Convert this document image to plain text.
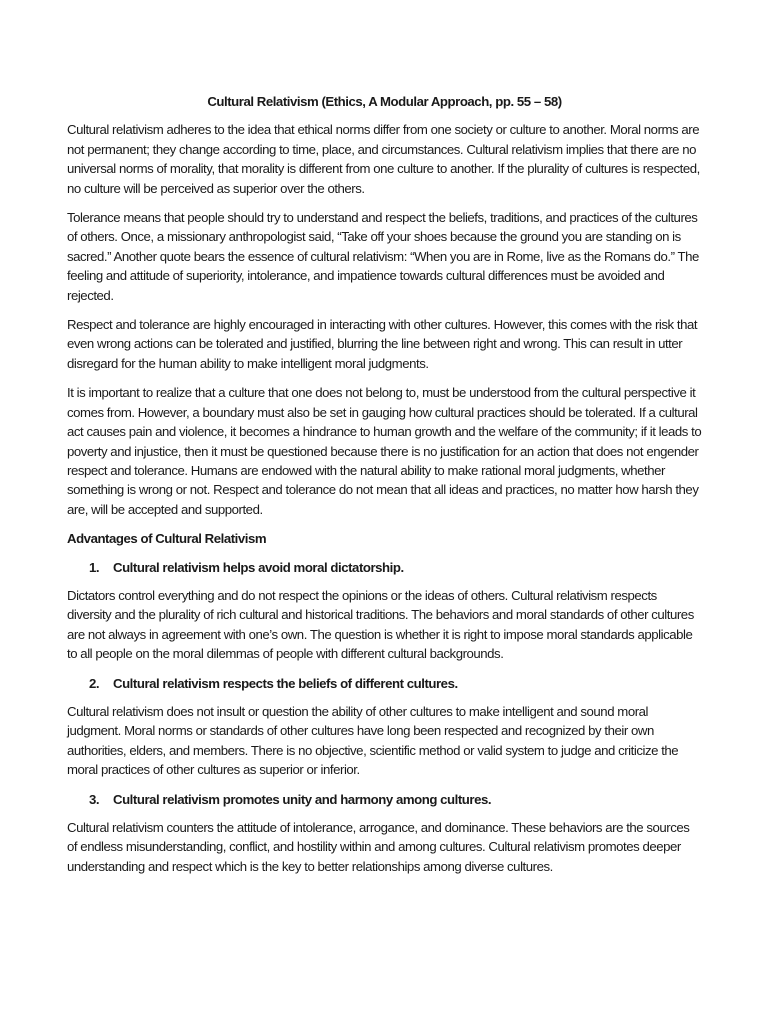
Cultural Relativism (Ethics, A Modular Approach, pp. 55 – 58)

Cultural relativism adheres to the idea that ethical norms differ from one society or culture to another. Moral norms are not permanent; they change according to time, place, and circumstances. Cultural relativism implies that there are no universal norms of morality, that morality is different from one culture to another. If the plurality of cultures is respected, no culture will be perceived as superior over the others.

Tolerance means that people should try to understand and respect the beliefs, traditions, and practices of the cultures of others. Once, a missionary anthropologist said, “Take off your shoes because the ground you are standing on is sacred.” Another quote bears the essence of cultural relativism: “When you are in Rome, live as the Romans do.” The feeling and attitude of superiority, intolerance, and impatience towards cultural differences must be avoided and rejected.

Respect and tolerance are highly encouraged in interacting with other cultures. However, this comes with the risk that even wrong actions can be tolerated and justified, blurring the line between right and wrong. This can result in utter disregard for the human ability to make intelligent moral judgments.

It is important to realize that a culture that one does not belong to, must be understood from the cultural perspective it comes from. However, a boundary must also be set in gauging how cultural practices should be tolerated. If a cultural act causes pain and violence, it becomes a hindrance to human growth and the welfare of the community; if it leads to poverty and injustice, then it must be questioned because there is no justification for an action that does not engender respect and tolerance. Humans are endowed with the natural ability to make rational moral judgments, whether something is wrong or not. Respect and tolerance do not mean that all ideas and practices, no matter how harsh they are, will be accepted and supported.

Advantages of Cultural Relativism
1.	Cultural relativism helps avoid moral dictatorship.

Dictators control everything and do not respect the opinions or the ideas of others. Cultural relativism respects diversity and the plurality of rich cultural and historical traditions. The behaviors and moral standards of other cultures are not always in agreement with one’s own. The question is whether it is right to impose moral standards applicable to all people on the moral dilemmas of people with different cultural backgrounds.

2.	Cultural relativism respects the beliefs of different cultures.

Cultural relativism does not insult or question the ability of other cultures to make intelligent and sound moral judgment. Moral norms or standards of other cultures have long been respected and recognized by their own authorities, elders, and members. There is no objective, scientific method or valid system to judge and criticize the moral practices of other cultures as superior or inferior.

3.	Cultural relativism promotes unity and harmony among cultures.

Cultural relativism counters the attitude of intolerance, arrogance, and dominance. These behaviors are the sources of endless misunderstanding, conflict, and hostility within and among cultures. Cultural relativism promotes deeper understanding and respect which is the key to better relationships among diverse cultures.
